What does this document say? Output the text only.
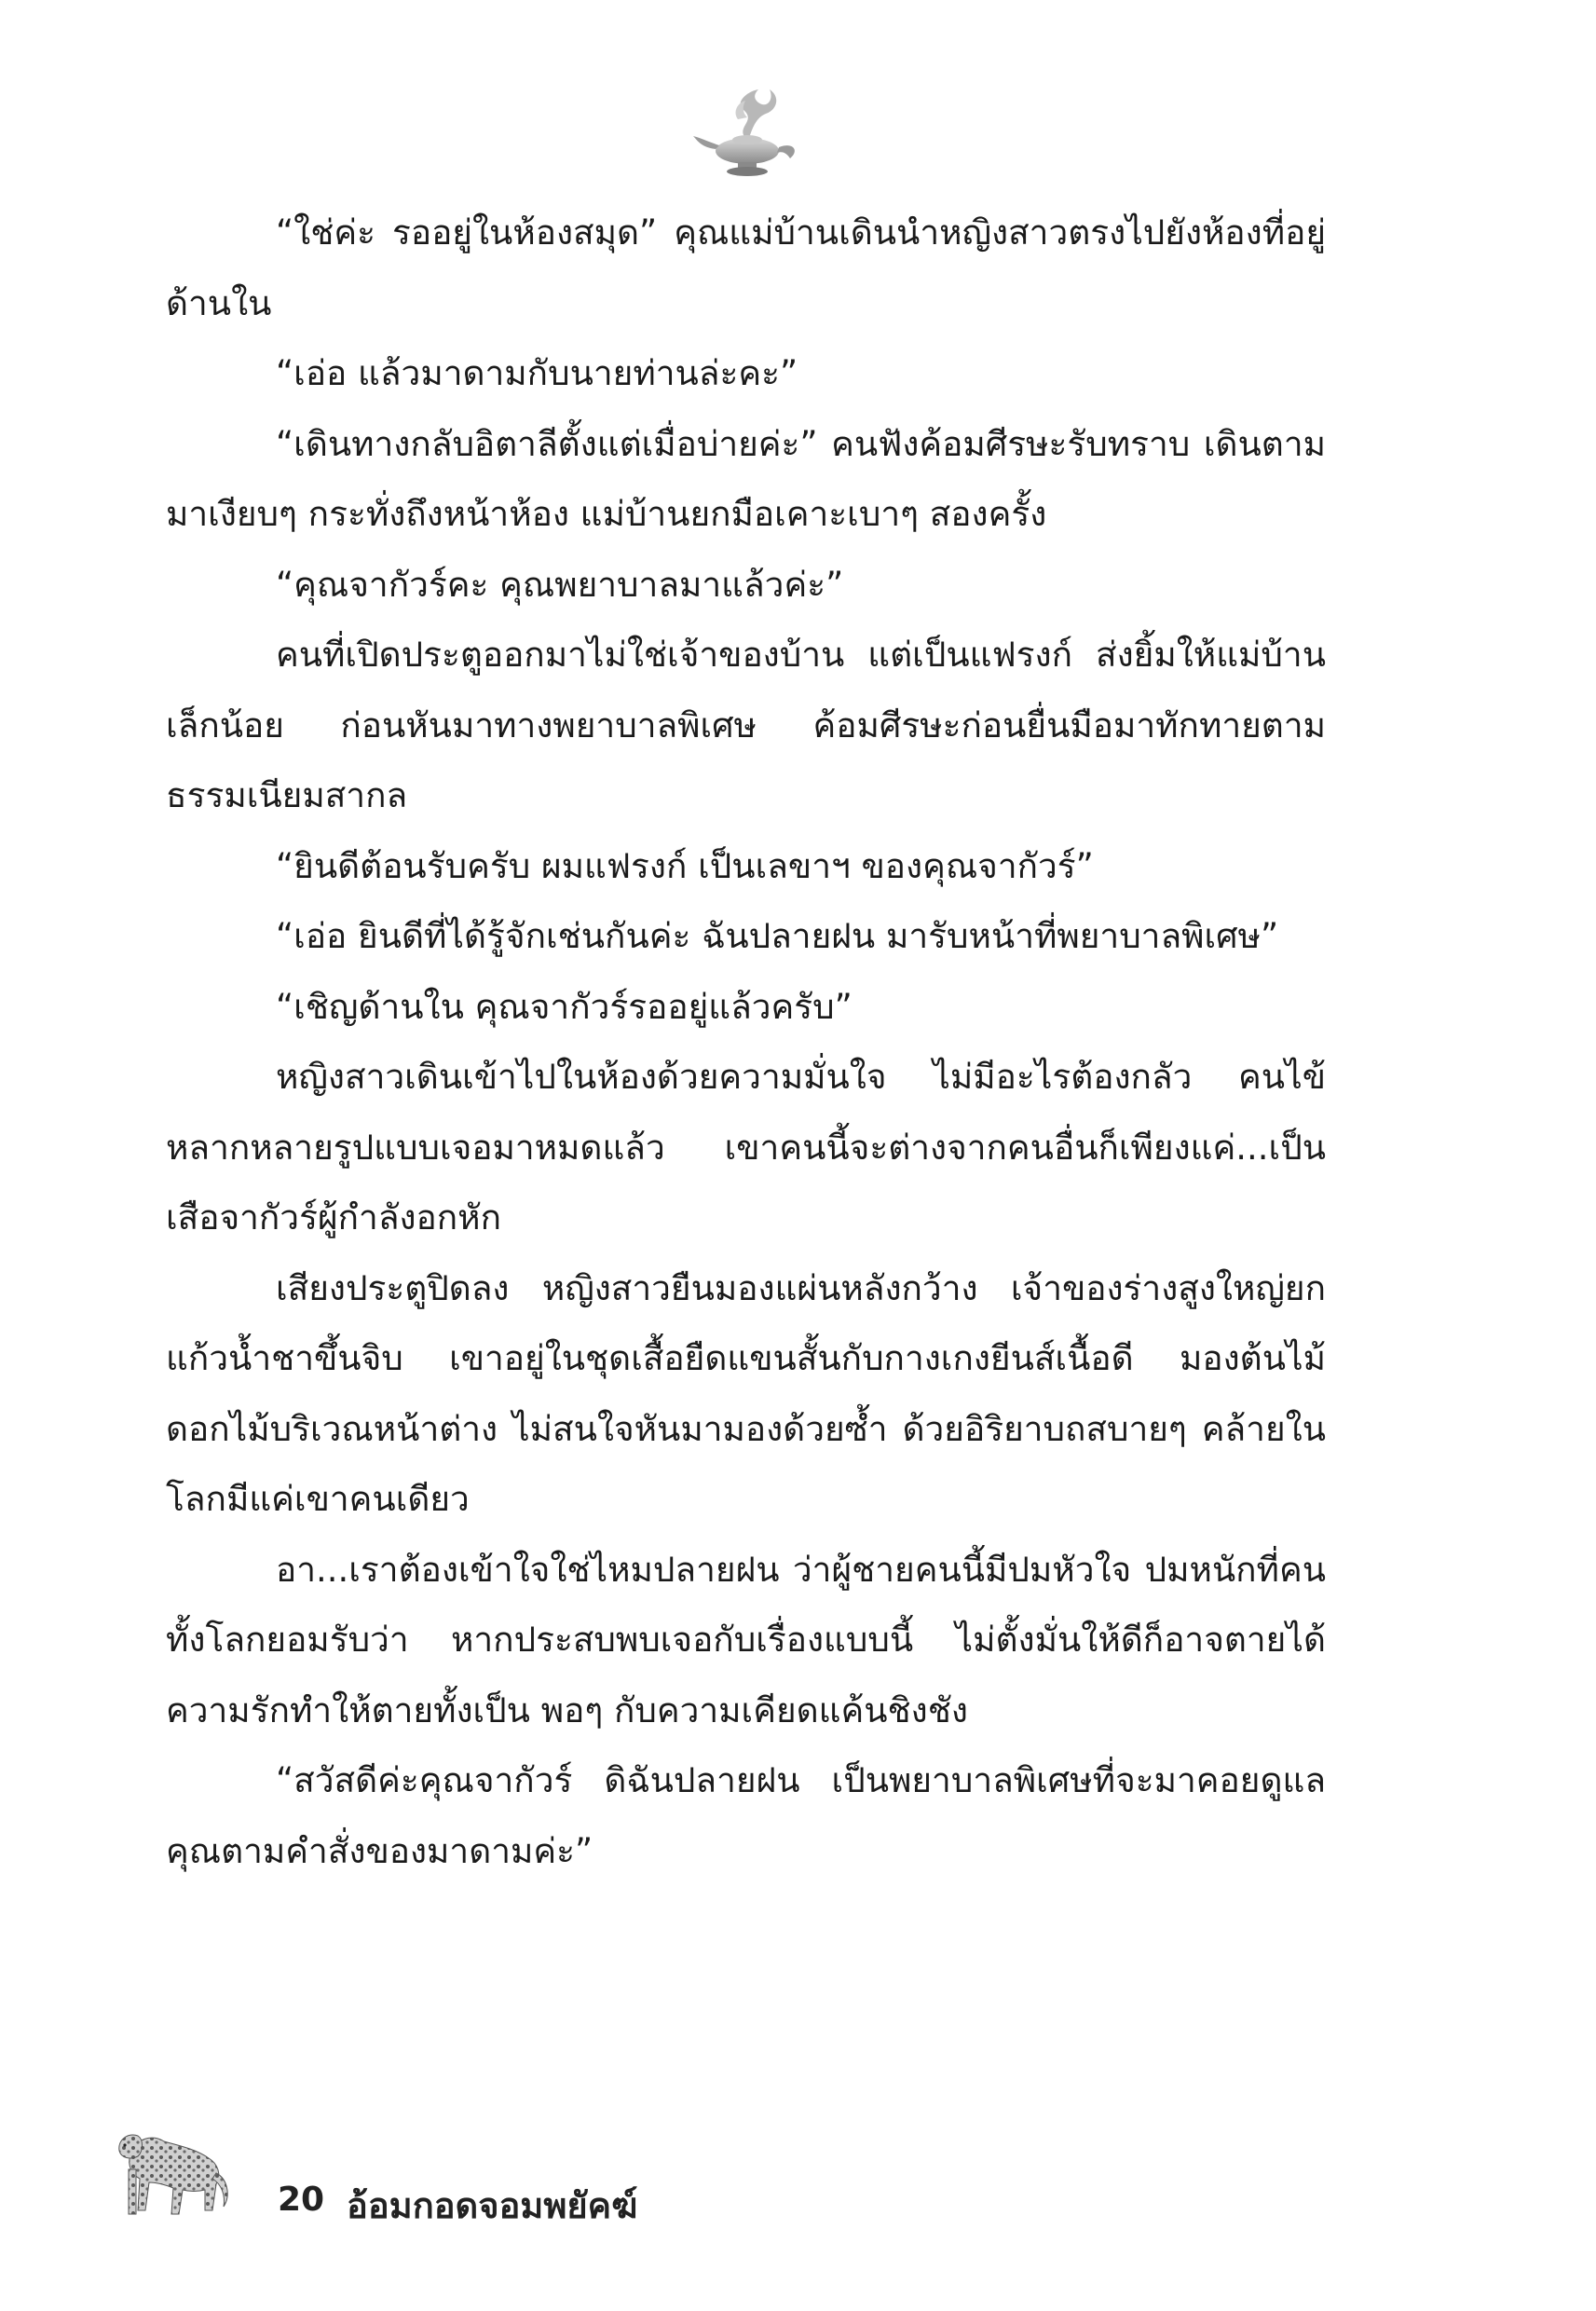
“ใช่ค่ะ รออยู่ในห้องสมุด” คุณแม่บ้านเดินนำหญิงสาวตรงไปยังห้องที่อยู่ด้านใน

“เอ่อ แล้วมาดามกับนายท่านล่ะคะ”

“เดินทางกลับอิตาลีตั้งแต่เมื่อบ่ายค่ะ” คนฟังค้อมศีรษะรับทราบ เดินตามมาเงียบๆ กระทั่งถึงหน้าห้อง แม่บ้านยกมือเคาะเบาๆ สองครั้ง

“คุณจากัวร์คะ คุณพยาบาลมาแล้วค่ะ”

คนที่เปิดประตูออกมาไม่ใช่เจ้าของบ้าน แต่เป็นแฟรงก์ ส่งยิ้มให้แม่บ้านเล็กน้อย ก่อนหันมาทางพยาบาลพิเศษ ค้อมศีรษะก่อนยื่นมือมาทักทายตามธรรมเนียมสากล

“ยินดีต้อนรับครับ ผมแฟรงก์ เป็นเลขาฯ ของคุณจากัวร์”

“เอ่อ ยินดีที่ได้รู้จักเช่นกันค่ะ ฉันปลายฝน มารับหน้าที่พยาบาลพิเศษ”

“เชิญด้านใน คุณจากัวร์รออยู่แล้วครับ”

หญิงสาวเดินเข้าไปในห้องด้วยความมั่นใจ ไม่มีอะไรต้องกลัว คนไข้หลากหลายรูปแบบเจอมาหมดแล้ว เขาคนนี้จะต่างจากคนอื่นก็เพียงแค่...เป็นเสือจากัวร์ผู้กำลังอกหัก

เสียงประตูปิดลง หญิงสาวยืนมองแผ่นหลังกว้าง เจ้าของร่างสูงใหญ่ยกแก้วน้ำชาขึ้นจิบ เขาอยู่ในชุดเสื้อยืดแขนสั้นกับกางเกงยีนส์เนื้อดี มองต้นไม้ดอกไม้บริเวณหน้าต่าง ไม่สนใจหันมามองด้วยซ้ำ ด้วยอิริยาบถสบายๆ คล้ายในโลกมีแค่เขาคนเดียว

อา...เราต้องเข้าใจใช่ไหมปลายฝน ว่าผู้ชายคนนี้มีปมหัวใจ ปมหนักที่คนทั้งโลกยอมรับว่า หากประสบพบเจอกับเรื่องแบบนี้ ไม่ตั้งมั่นให้ดีก็อาจตายได้ ความรักทำให้ตายทั้งเป็น พอๆ กับความเคียดแค้นชิงชัง

“สวัสดีค่ะคุณจากัวร์ ดิฉันปลายฝน เป็นพยาบาลพิเศษที่จะมาคอยดูแลคุณตามคำสั่งของมาดามค่ะ”

20 อ้อมกอดจอมพยัคฆ์
